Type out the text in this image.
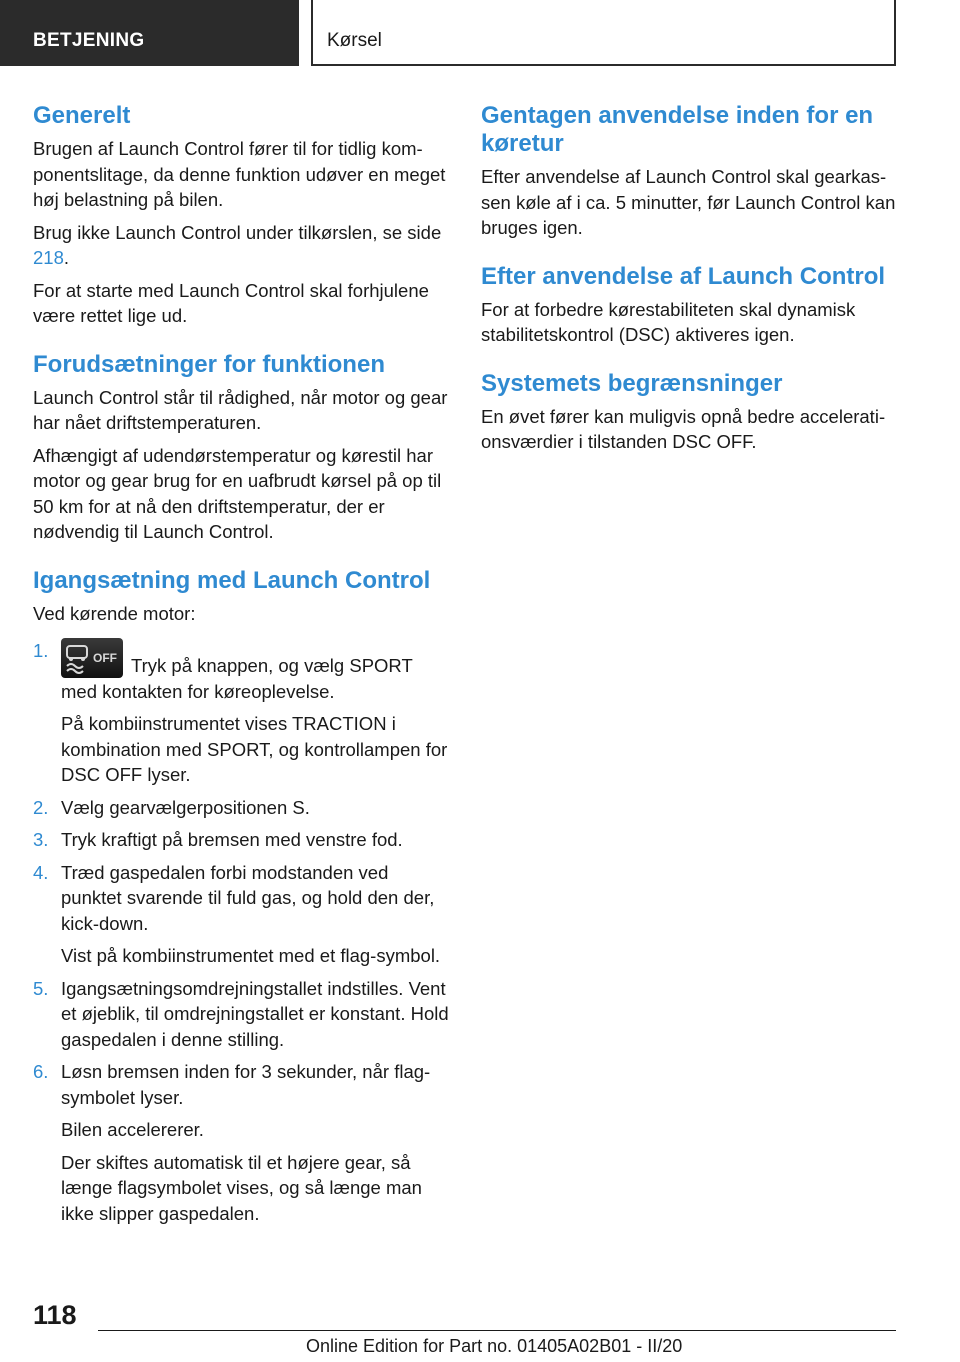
BETJENING	Kørsel
Generelt

Brugen af Launch Control fører til for tidlig komponentslitage, da denne funktion udøver en meget høj belastning på bilen.

Brug ikke Launch Control under tilkørslen, se side 218.

For at starte med Launch Control skal forhjulene være rettet lige ud.

Forudsætninger for funktionen

Launch Control står til rådighed, når motor og gear har nået driftstemperaturen.

Afhængigt af udendørstemperatur og kørestil har motor og gear brug for en uafbrudt kørsel på op til 50 km for at nå den driftstemperatur, der er nødvendig til Launch Control.

Igangsætning med Launch Control

Ved kørende motor:

1.	OFF Tryk på knappen, og vælg SPORT med kontakten for køreoplevelse.

På kombiinstrumentet vises TRACTION i kombination med SPORT, og kontrollampen for DSC OFF lyser.

2. Vælg gearvælgerpositionen S.

3. Tryk kraftigt på bremsen med venstre fod.

4. Træd gaspedalen forbi modstanden ved punktet svarende til fuld gas, og hold den der, kick-down.

Vist på kombiinstrumentet med et flag-symbol.

5. Igangsætningsomdrejningstallet indstilles. Vent et øjeblik, til omdrejningstallet er konstant. Hold gaspedalen i denne stilling.

6. Løsn bremsen inden for 3 sekunder, når flagsymbolet lyser.

Bilen accelererer.

Der skiftes automatisk til et højere gear, så længe flagsymbolet vises, og så længe man ikke slipper gaspedalen.

Gentagen anvendelse inden for en køretur

Efter anvendelse af Launch Control skal gearkassen køle af i ca. 5 minutter, før Launch Control kan bruges igen.

Efter anvendelse af Launch Control

For at forbedre kørestabiliteten skal dynamisk stabilitetskontrol (DSC) aktiveres igen.

Systemets begrænsninger

En øvet fører kan muligvis opnå bedre accelerationsværdier i tilstanden DSC OFF.

118
Online Edition for Part no. 01405A02B01 - II/20
